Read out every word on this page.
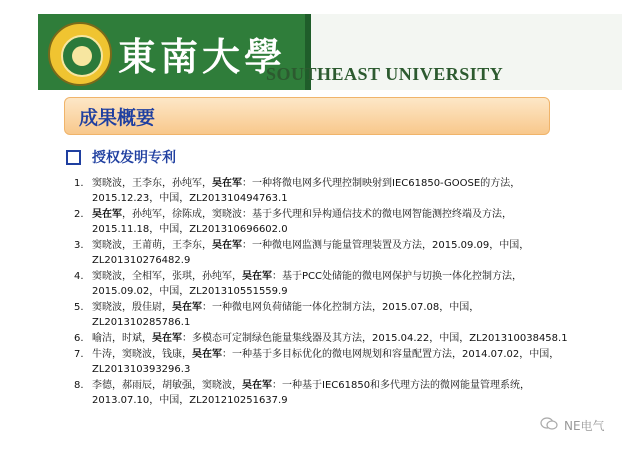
東南大學
SOUTHEAST UNIVERSITY
成果概要
授权发明专利
1. 窦晓波，王李东，孙纯军，吴在军：一种将微电网多代理控制映射到IEC61850-GOOSE的方法，2015.12.23，中国，ZL201310494763.1
2. 吴在军，孙纯军，徐陈成，窦晓波：基于多代理和异构通信技术的微电网智能测控终端及方法，2015.11.18，中国，ZL201310696602.0
3. 窦晓波，王莆萌，王李东，吴在军：一种微电网监测与能量管理装置及方法，2015.09.09，中国，ZL201310276482.9
4. 窦晓波，全相军，张琪，孙纯军，吴在军：基于PCC处储能的微电网保护与切换一体化控制方法，2015.09.02，中国，ZL201310551559.9
5. 窦晓波，殷佳尉，吴在军：一种微电网负荷储能一体化控制方法，2015.07.08，中国，ZL201310285786.1
6. 喻洁，时斌，吴在军：多模态可定制绿色能量集线器及其方法，2015.04.22，中国，ZL201310038458.1
7. 牛涛，窦晓波，钱康，吴在军：一种基于多目标优化的微电网规划和容量配置方法，2014.07.02，中国，ZL201310393296.3
8. 李德，郝雨辰，胡敏强，窦晓波，吴在军：一种基于IEC61850和多代理方法的微网能量管理系统，2013.07.10，中国，ZL201210251637.9
NE电气
